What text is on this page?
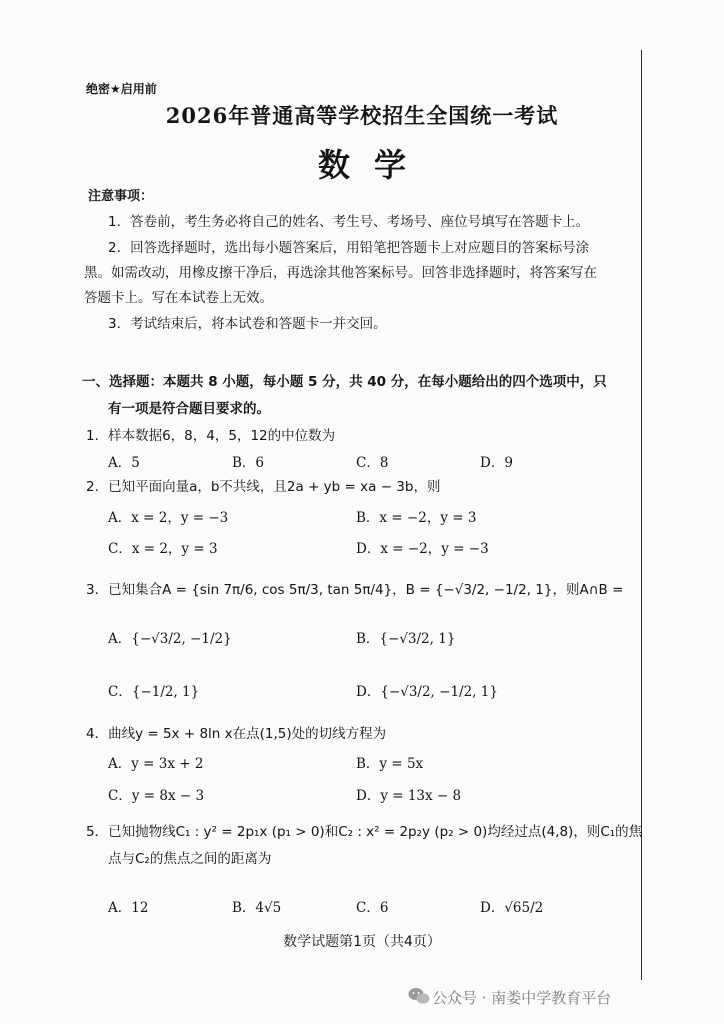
绝密★启用前
2026年普通高等学校招生全国统一考试
数学
注意事项：
1．答卷前，考生务必将自己的姓名、考生号、考场号、座位号填写在答题卡上。
2．回答选择题时，选出每小题答案后，用铅笔把答题卡上对应题目的答案标号涂
黑。如需改动，用橡皮擦干净后，再选涂其他答案标号。回答非选择题时，将答案写在
答题卡上。写在本试卷上无效。
3．考试结束后，将本试卷和答题卡一并交回。
一、选择题：本题共 8 小题，每小题 5 分，共 40 分，在每小题给出的四个选项中，只
有一项是符合题目要求的。
1．样本数据6，8，4，5，12的中位数为
A．5	B．6	C．8	D．9
2．已知平面向量a，b不共线，且2a + yb = xa − 3b，则
A．x = 2，y = −3	B．x = −2，y = 3
C．x = 2，y = 3	D．x = −2，y = −3
3．已知集合A = {sin 7π/6, cos 5π/3, tan 5π/4}，B = {−√3/2, −1/2, 1}，则A∩B =
A．{−√3/2, −1/2}	B．{−√3/2, 1}
C．{−1/2, 1}	D．{−√3/2, −1/2, 1}
4．曲线y = 5x + 8ln x在点(1,5)处的切线方程为
A．y = 3x + 2	B．y = 5x
C．y = 8x − 3	D．y = 13x − 8
5．已知抛物线C₁ : y² = 2p₁x (p₁ > 0)和C₂ : x² = 2p₂y (p₂ > 0)均经过点(4,8)，则C₁的焦
点与C₂的焦点之间的距离为
A．12	B．4√5	C．6	D．√65/2
数学试题第1页（共4页）
公众号 · 南娄中学教育平台
